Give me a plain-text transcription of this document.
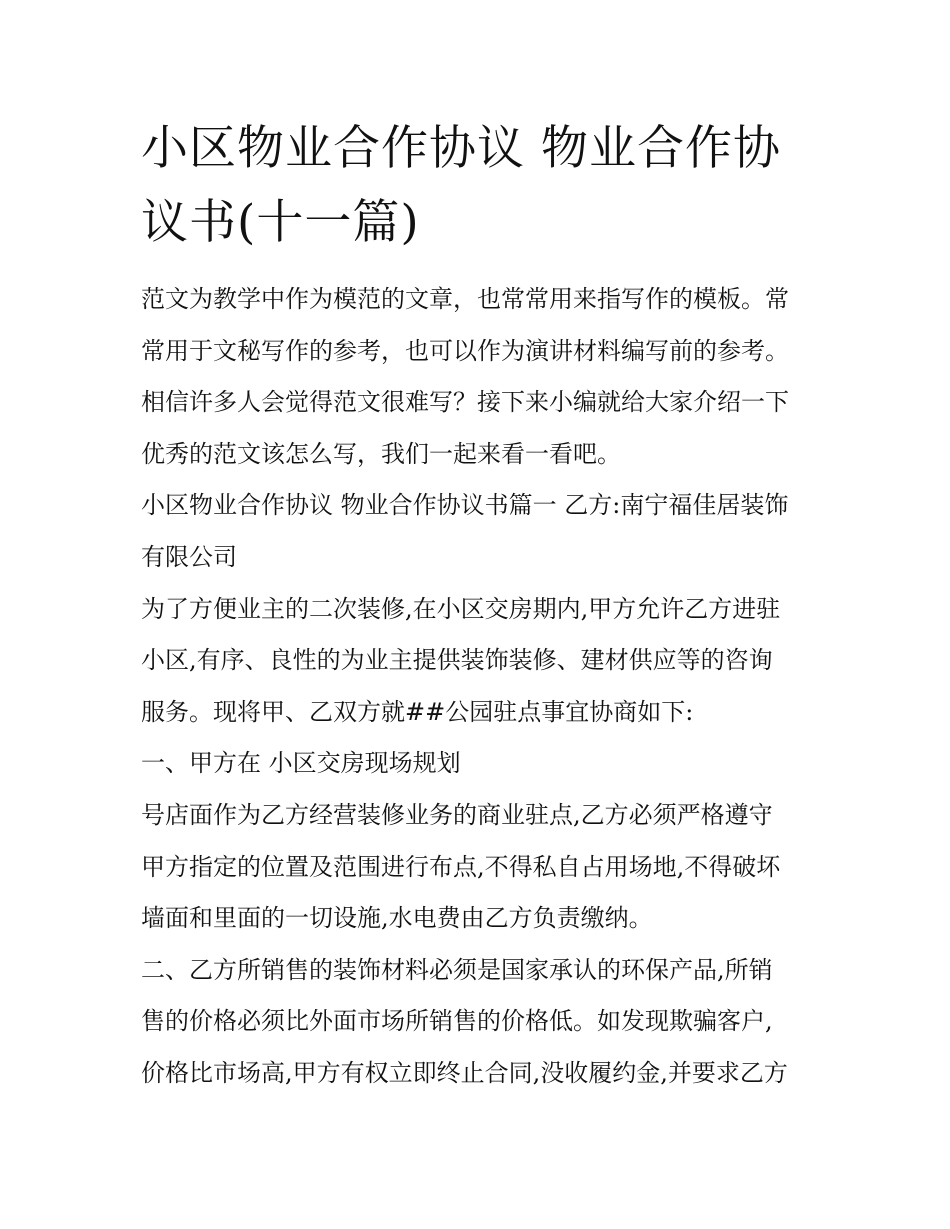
小区物业合作协议 物业合作协
议书(十一篇)
范文为教学中作为模范的文章，也常常用来指写作的模板。常
常用于文秘写作的参考，也可以作为演讲材料编写前的参考。
相信许多人会觉得范文很难写？接下来小编就给大家介绍一下
优秀的范文该怎么写，我们一起来看一看吧。
小区物业合作协议 物业合作协议书篇一 乙方:南宁福佳居装饰
有限公司
为了方便业主的二次装修,在小区交房期内,甲方允许乙方进驻
小区,有序、良性的为业主提供装饰装修、建材供应等的咨询
服务。现将甲、乙双方就##公园驻点事宜协商如下:
一、甲方在 小区交房现场规划
号店面作为乙方经营装修业务的商业驻点,乙方必须严格遵守
甲方指定的位置及范围进行布点,不得私自占用场地,不得破坏
墙面和里面的一切设施,水电费由乙方负责缴纳。
二、乙方所销售的装饰材料必须是国家承认的环保产品,所销
售的价格必须比外面市场所销售的价格低。如发现欺骗客户,
价格比市场高,甲方有权立即终止合同,没收履约金,并要求乙方
